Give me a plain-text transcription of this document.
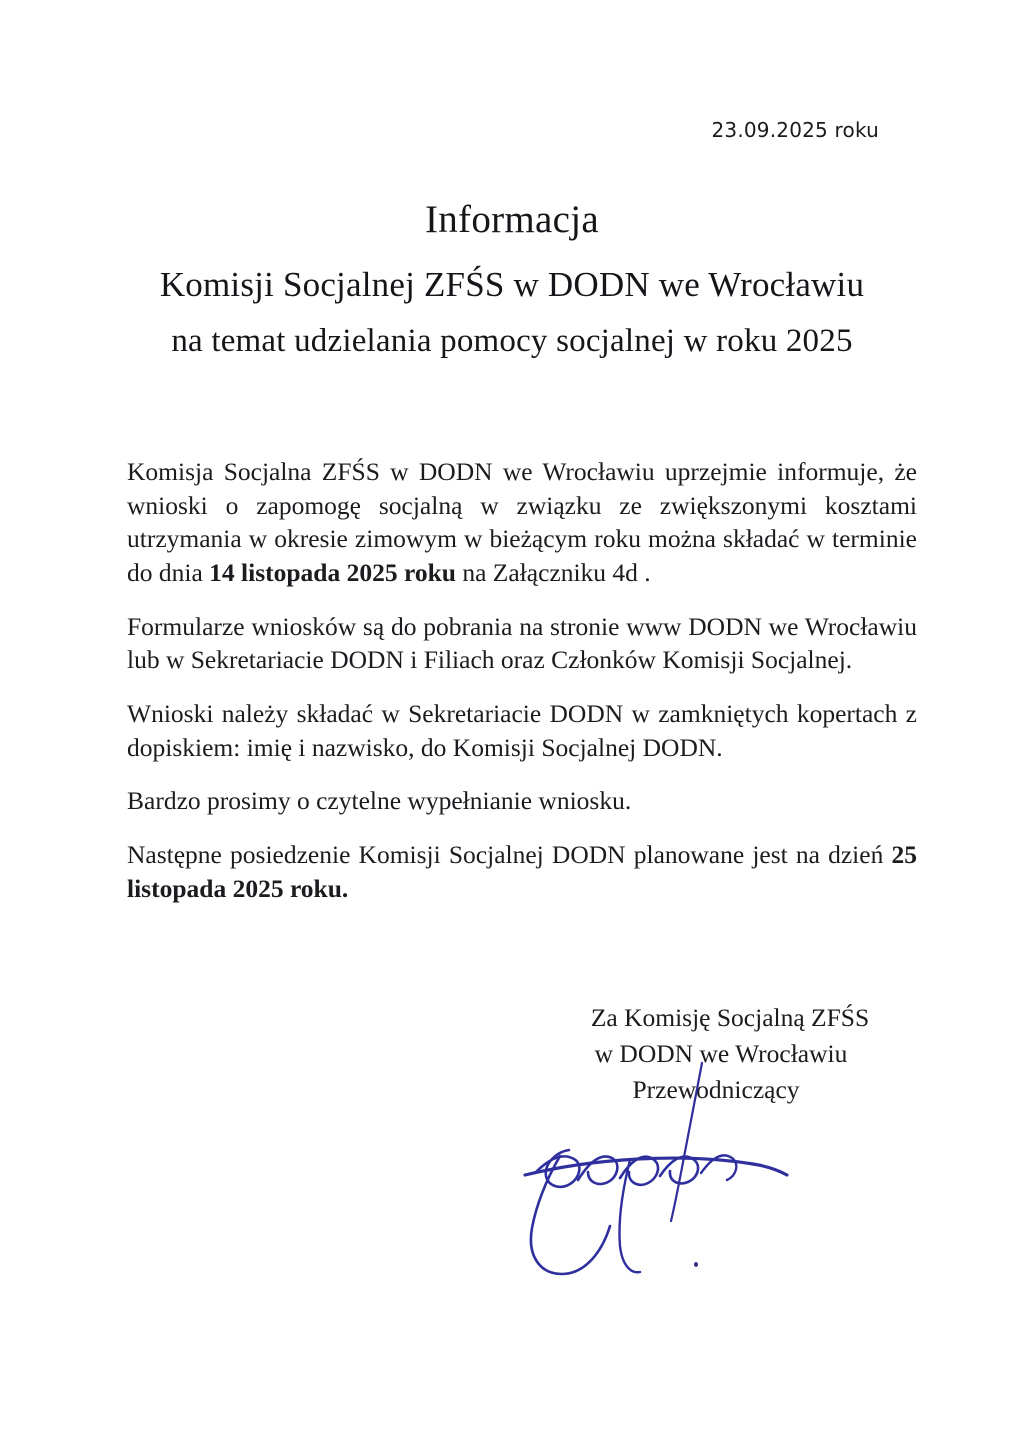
23.09.2025 roku
Informacja
Komisji Socjalnej ZFŚS w DODN we Wrocławiu
na temat udzielania pomocy socjalnej w roku 2025

Komisja Socjalna ZFŚS w DODN we Wrocławiu uprzejmie informuje, że wnioski o zapomogę socjalną w związku ze zwiększonymi kosztami utrzymania w okresie zimowym w bieżącym roku można składać w terminie do dnia 14 listopada 2025 roku na Załączniku 4d .

Formularze wniosków są do pobrania na stronie www DODN we Wrocławiu lub w Sekretariacie DODN i Filiach oraz Członków Komisji Socjalnej.

Wnioski należy składać w Sekretariacie DODN w zamkniętych kopertach z dopiskiem: imię i nazwisko, do Komisji Socjalnej DODN.

Bardzo prosimy o czytelne wypełnianie wniosku.

Następne posiedzenie Komisji Socjalnej DODN planowane jest na dzień 25 listopada 2025 roku.

Za Komisję Socjalną ZFŚS
w DODN we Wrocławiu
Przewodniczący
